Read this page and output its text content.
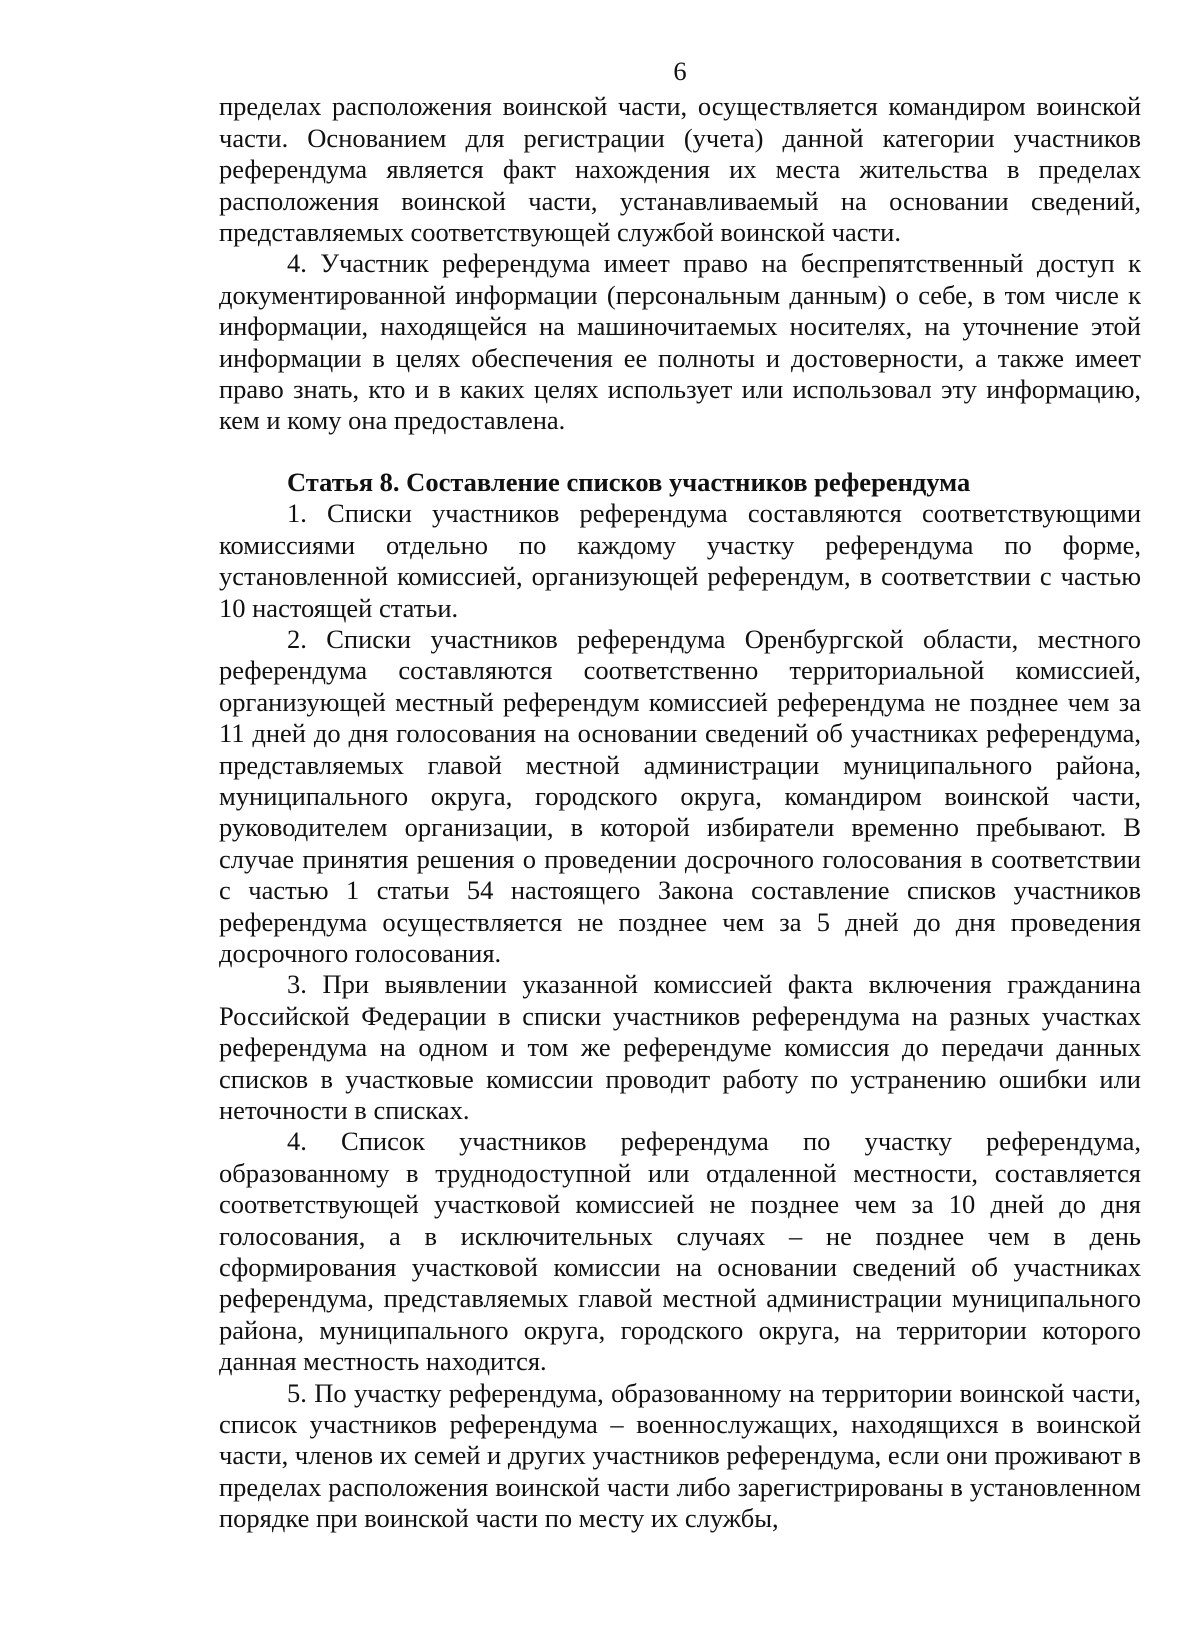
6

пределах расположения воинской части, осуществляется командиром воинской части. Основанием для регистрации (учета) данной категории участников референдума является факт нахождения их места жительства в пределах расположения воинской части, устанавливаемый на основании сведений, представляемых соответствующей службой воинской части.

4. Участник референдума имеет право на беспрепятственный доступ к документированной информации (персональным данным) о себе, в том числе к информации, находящейся на машиночитаемых носителях, на уточнение этой информации в целях обеспечения ее полноты и достоверности, а также имеет право знать, кто и в каких целях использует или использовал эту информацию, кем и кому она предоставлена.

Статья 8. Составление списков участников референдума

1. Списки участников референдума составляются соответствующими комиссиями отдельно по каждому участку референдума по форме, установленной комиссией, организующей референдум, в соответствии с частью 10 настоящей статьи.

2. Списки участников референдума Оренбургской области, местного референдума составляются соответственно территориальной комиссией, организующей местный референдум комиссией референдума не позднее чем за 11 дней до дня голосования на основании сведений об участниках референдума, представляемых главой местной администрации муниципального района, муниципального округа, городского округа, командиром воинской части, руководителем организации, в которой избиратели временно пребывают. В случае принятия решения о проведении досрочного голосования в соответствии с частью 1 статьи 54 настоящего Закона составление списков участников референдума осуществляется не позднее чем за 5 дней до дня проведения досрочного голосования.

3. При выявлении указанной комиссией факта включения гражданина Российской Федерации в списки участников референдума на разных участках референдума на одном и том же референдуме комиссия до передачи данных списков в участковые комиссии проводит работу по устранению ошибки или неточности в списках.

4. Список участников референдума по участку референдума, образованному в труднодоступной или отдаленной местности, составляется соответствующей участковой комиссией не позднее чем за 10 дней до дня голосования, а в исключительных случаях – не позднее чем в день сформирования участковой комиссии на основании сведений об участниках референдума, представляемых главой местной администрации муниципального района, муниципального округа, городского округа, на территории которого данная местность находится.

5. По участку референдума, образованному на территории воинской части, список участников референдума – военнослужащих, находящихся в воинской части, членов их семей и других участников референдума, если они проживают в пределах расположения воинской части либо зарегистрированы в установленном порядке при воинской части по месту их службы,
